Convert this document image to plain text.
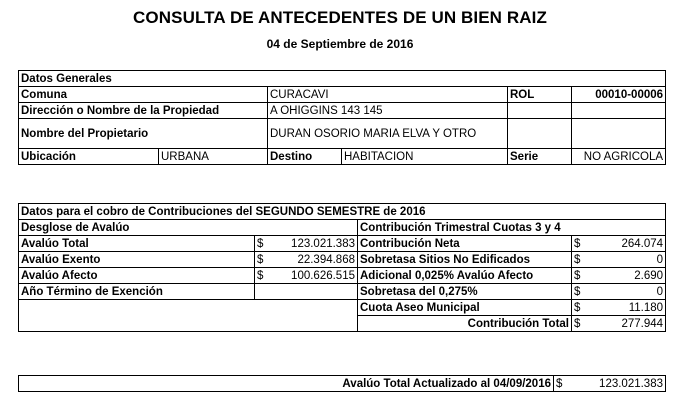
CONSULTA DE ANTECEDENTES DE UN BIEN RAIZ
04 de Septiembre de 2016
Datos Generales					
Comuna		CURACAVI		ROL	00010-00006
Dirección o Nombre de la Propiedad		A OHIGGINS 143 145			
Nombre del Propietario		DURAN OSORIO MARIA ELVA Y OTRO			
Ubicación	URBANA	Destino	HABITACION	Serie	NO AGRICOLA
Datos para el cobro de Contribuciones del SEGUNDO SEMESTRE de 2016					
Desglose de Avalúo			Contribución Trimestral Cuotas 3 y 4		
Avalúo Total	$	123.021.383	Contribución Neta	$	264.074
Avalúo Exento	$	22.394.868	Sobretasa Sitios No Edificados	$	0
Avalúo Afecto	$	100.626.515	Adicional 0,025% Avalúo Afecto	$	2.690
Año Término de Exención			Sobretasa del 0,275%	$	0
			Cuota Aseo Municipal	$	11.180
			Contribución Total	$	277.944
Avalúo Total Actualizado al 04/09/2016	$	123.021.383
